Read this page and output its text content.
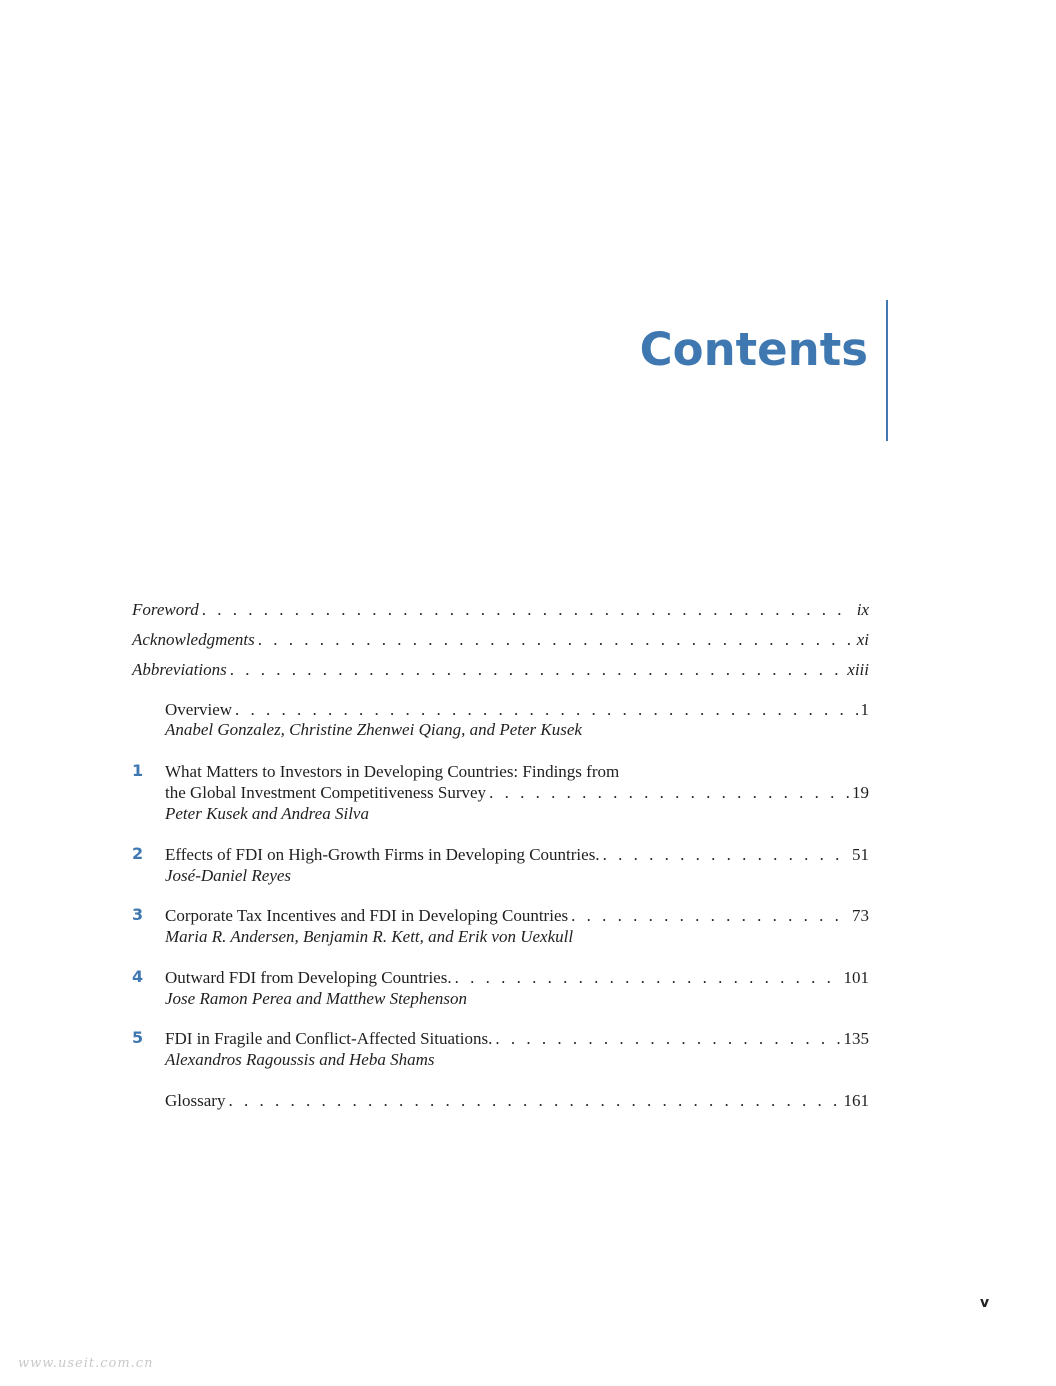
Contents
Foreword . . .	ix
Acknowledgments . . .	xi
Abbreviations . . .	xiii
Overview . . .	1
Anabel Gonzalez, Christine Zhenwei Qiang, and Peter Kusek
1 What Matters to Investors in Developing Countries: Findings from
the Global Investment Competitiveness Survey . . .	19
Peter Kusek and Andrea Silva
2 Effects of FDI on High-Growth Firms in Developing Countries. . . .	51
José-Daniel Reyes
3 Corporate Tax Incentives and FDI in Developing Countries . . .	73
Maria R. Andersen, Benjamin R. Kett, and Erik von Uexkull
4 Outward FDI from Developing Countries. . . .	101
Jose Ramon Perea and Matthew Stephenson
5 FDI in Fragile and Conflict-Affected Situations. . . .	135
Alexandros Ragoussis and Heba Shams
Glossary . . .	161
v
www.useit.com.cn
